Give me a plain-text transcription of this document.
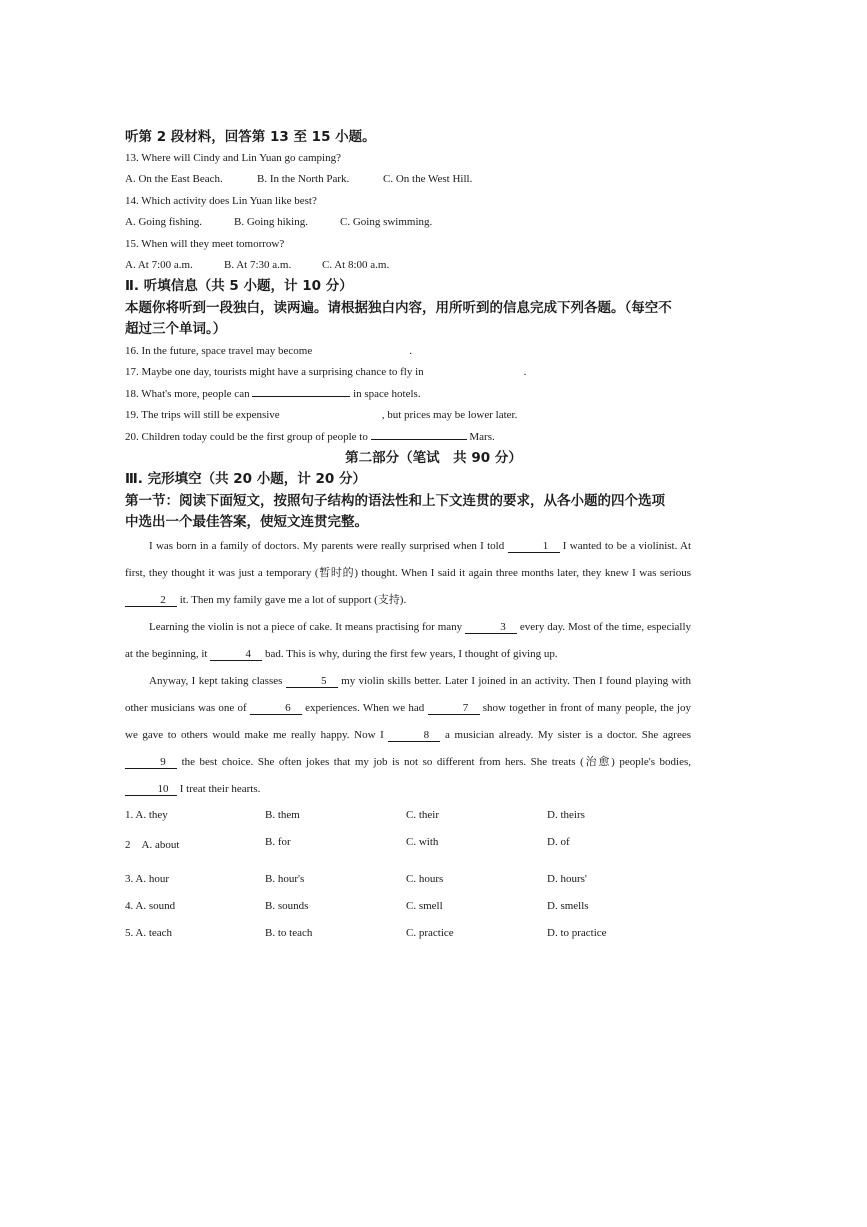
听第 2 段材料，回答第 13 至 15 小题。
13. Where will Cindy and Lin Yuan go camping?
A. On the East Beach.	B. In the North Park.	C. On the West Hill.
14. Which activity does Lin Yuan like best?
A. Going fishing.	B. Going hiking.	C. Going swimming.
15. When will they meet tomorrow?
A. At 7:00 a.m.	B. At 7:30 a.m.	C. At 8:00 a.m.
Ⅱ. 听填信息（共 5 小题，计 10 分）
本题你将听到一段独白，读两遍。请根据独白内容，用所听到的信息完成下列各题。（每空不
超过三个单词。）
16. In the future, space travel may become	.
17. Maybe one day, tourists might have a surprising chance to fly in	.
18. What's more, people can	in space hotels.
19. The trips will still be expensive	, but prices may be lower later.
20. Children today could be the first group of people to	Mars.
第二部分（笔试　共 90 分）
Ⅲ. 完形填空（共 20 小题，计 20 分）
第一节：阅读下面短文，按照句子结构的语法性和上下文连贯的要求，从各小题的四个选项
中选出一个最佳答案，使短文连贯完整。

I was born in a family of doctors. My parents were really surprised when I told	1 I wanted to be a violinist. At first, they thought it was just a temporary (暂时的) thought. When I said it again three months later, they knew I was serious 2 it. Then my family gave me a lot of support (支持).

Learning the violin is not a piece of cake. It means practising for many	3 every day. Most of the time, especially at the beginning, it	4 bad. This is why, during the first few years, I thought of giving up.

Anyway, I kept taking classes	5 my violin skills better. Later I joined in an activity. Then I found playing with other musicians was one of	6 experiences. When we had	7 show together in front of many people, the joy we gave to others would make me really happy. Now I	8 a musician already. My sister is a doctor. She agrees 9 the best choice. She often jokes that my job is not so different from hers. She treats (治愈) people's bodies, 10 I treat their hearts.

1. A. they	B. them	C. their	D. theirs
2　A. about	B. for	C. with	D. of
3. A. hour	B. hour's	C. hours	D. hours'
4. A. sound	B. sounds	C. smell	D. smells
5. A. teach	B. to teach	C. practice	D. to practice
